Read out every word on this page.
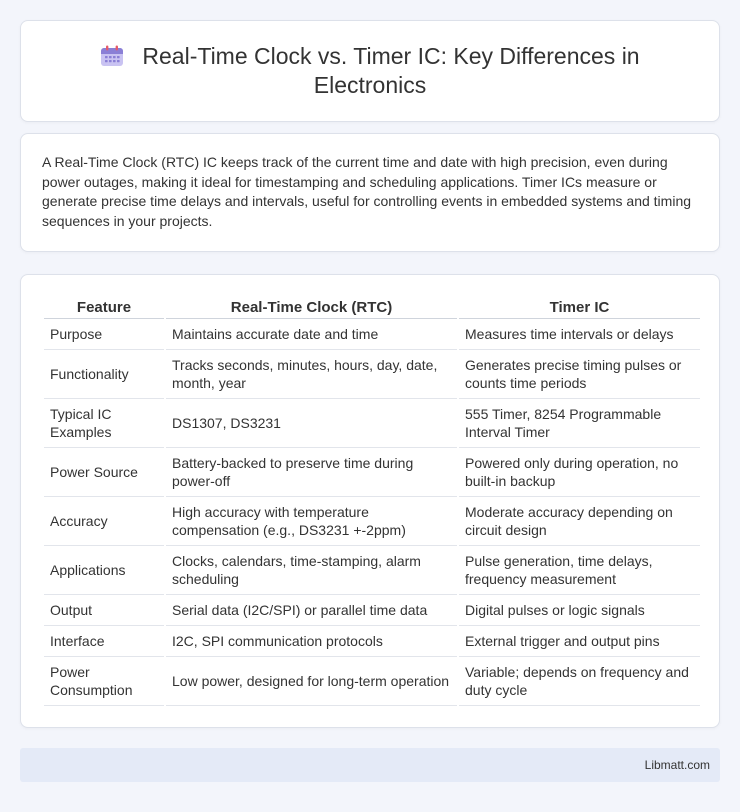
Real-Time Clock vs. Timer IC: Key Differences in Electronics

A Real-Time Clock (RTC) IC keeps track of the current time and date with high precision, even during power outages, making it ideal for timestamping and scheduling applications. Timer ICs measure or generate precise time delays and intervals, useful for controlling events in embedded systems and timing sequences in your projects.

Feature	Real-Time Clock (RTC)	Timer IC
Purpose	Maintains accurate date and time	Measures time intervals or delays
Functionality	Tracks seconds, minutes, hours, day, date, month, year	Generates precise timing pulses or counts time periods
Typical IC Examples	DS1307, DS3231	555 Timer, 8254 Programmable Interval Timer
Power Source	Battery-backed to preserve time during power-off	Powered only during operation, no built-in backup
Accuracy	High accuracy with temperature compensation (e.g., DS3231 +-2ppm)	Moderate accuracy depending on circuit design
Applications	Clocks, calendars, time-stamping, alarm scheduling	Pulse generation, time delays, frequency measurement
Output	Serial data (I2C/SPI) or parallel time data	Digital pulses or logic signals
Interface	I2C, SPI communication protocols	External trigger and output pins
Power Consumption	Low power, designed for long-term operation	Variable; depends on frequency and duty cycle
Libmatt.com
